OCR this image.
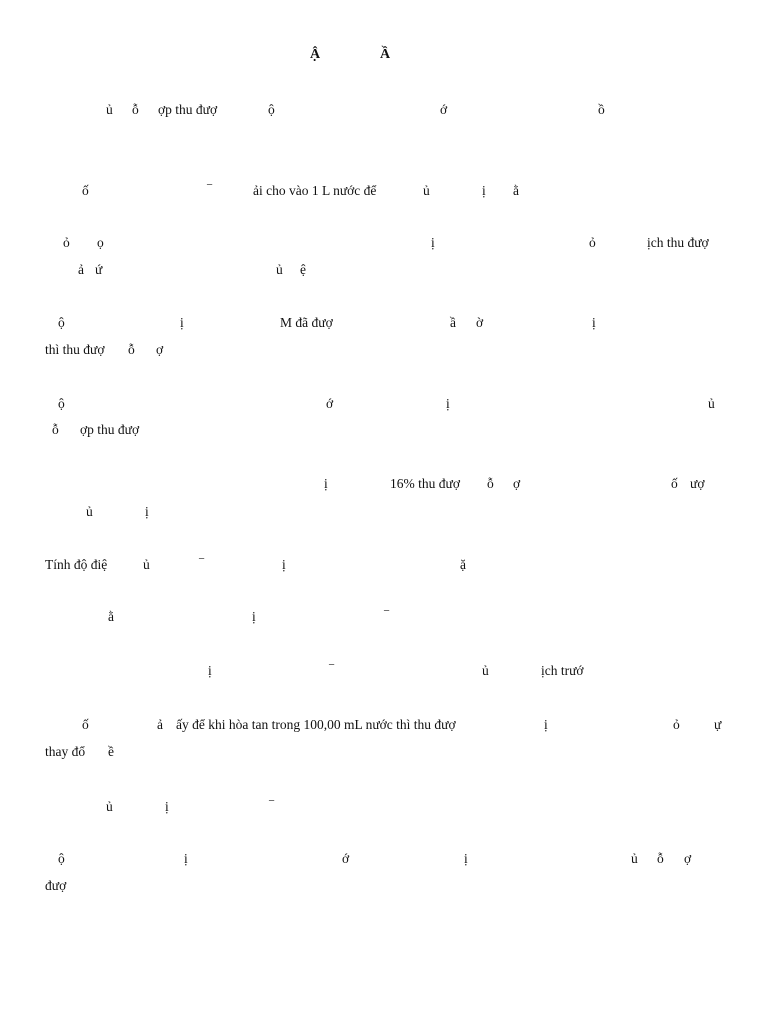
Ậ	Ầ
ủ ỗ ợp thu đượ	ộ	ớ	ồ
ố	⁻	ải cho vào 1 L nước để	ủ	ị ằ
ỏ ọ	ị	ỏ	ịch thu đượ
ả ứ	ủ ệ
ộ	ị	M đã đượ	ầ ờ	ị
thì thu đượ ỗ ợ
ộ	ớ	ị	ủ
ỗ ợp thu đượ
ị	16% thu đượ ỗ ợ	ố ượ
ủ	ị
Tính độ điệ	ủ	⁻	ị	ặ
ằ	ị	⁻
ị	⁻	ủ	ịch trướ
ố	ả ấy để khi hòa tan trong 100,00 mL nước thì thu đượ	ị	ỏ	ự
thay đổ ề
ủ	ị	⁻
ộ	ị	ớ	ị	ủ ỗ ợ
đượ
